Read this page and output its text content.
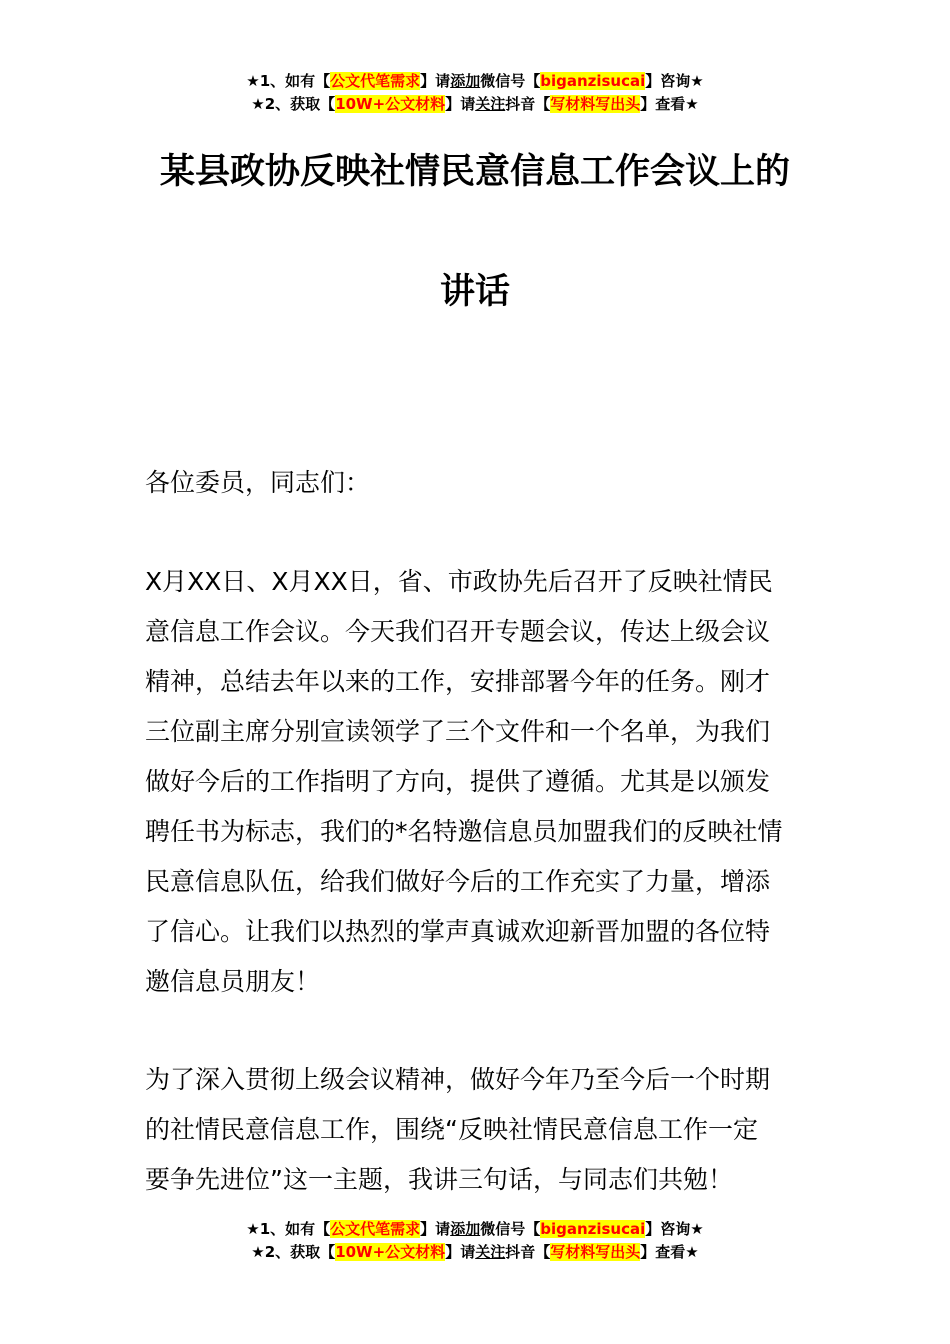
★1、如有【公文代笔需求】请添加微信号【biganzisucai】咨询★
★2、获取【10W+公文材料】请关注抖音【写材料写出头】查看★
某县政协反映社情民意信息工作会议上的
讲话
各位委员，同志们：
X月XX日、X月XX日，省、市政协先后召开了反映社情民
意信息工作会议。今天我们召开专题会议，传达上级会议
精神，总结去年以来的工作，安排部署今年的任务。刚才
三位副主席分别宣读领学了三个文件和一个名单，为我们
做好今后的工作指明了方向，提供了遵循。尤其是以颁发
聘任书为标志，我们的*名特邀信息员加盟我们的反映社情
民意信息队伍，给我们做好今后的工作充实了力量，增添
了信心。让我们以热烈的掌声真诚欢迎新晋加盟的各位特
邀信息员朋友！
为了深入贯彻上级会议精神，做好今年乃至今后一个时期
的社情民意信息工作，围绕“反映社情民意信息工作一定
要争先进位”这一主题，我讲三句话，与同志们共勉！
★1、如有【公文代笔需求】请添加微信号【biganzisucai】咨询★
★2、获取【10W+公文材料】请关注抖音【写材料写出头】查看★
